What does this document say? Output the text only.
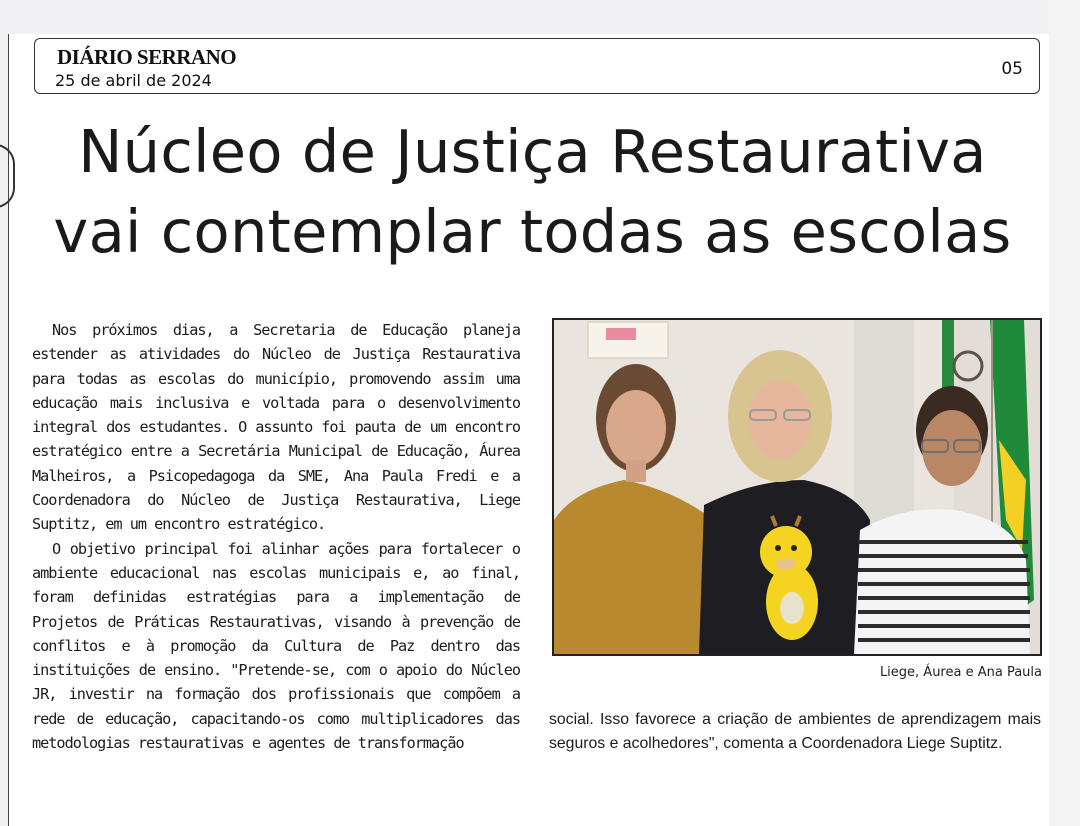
DIÁRIO SERRANO
25 de abril de 2024
05
Núcleo de Justiça Restaurativa
vai contemplar todas as escolas

Nos próximos dias, a Secretaria de Educação planeja estender as atividades do Núcleo de Justiça Restaurativa para todas as escolas do município, promovendo assim uma educação mais inclusiva e voltada para o desenvolvimento integral dos estudantes. O assunto foi pauta de um encontro estratégico entre a Secretária Municipal de Educação, Áurea Malheiros, a Psicopedagoga da SME, Ana Paula Fredi e a Coordenadora do Núcleo de Justiça Restaurativa, Liege Suptitz, em um encontro estratégico.

O objetivo principal foi alinhar ações para fortalecer o ambiente educacional nas escolas municipais e, ao final, foram definidas estratégias para a implementação de Projetos de Práticas Restaurativas, visando à prevenção de conflitos e à promoção da Cultura de Paz dentro das instituições de ensino. "Pretende-se, com o apoio do Núcleo JR, investir na formação dos profissionais que compõem a rede de educação, capacitando-os como multiplicadores das metodologias restaurativas e agentes de transformação

Liege, Áurea e Ana Paula
social. Isso favorece a criação de ambientes de aprendizagem mais seguros e acolhedores", comenta a Coordenadora Liege Suptitz.
